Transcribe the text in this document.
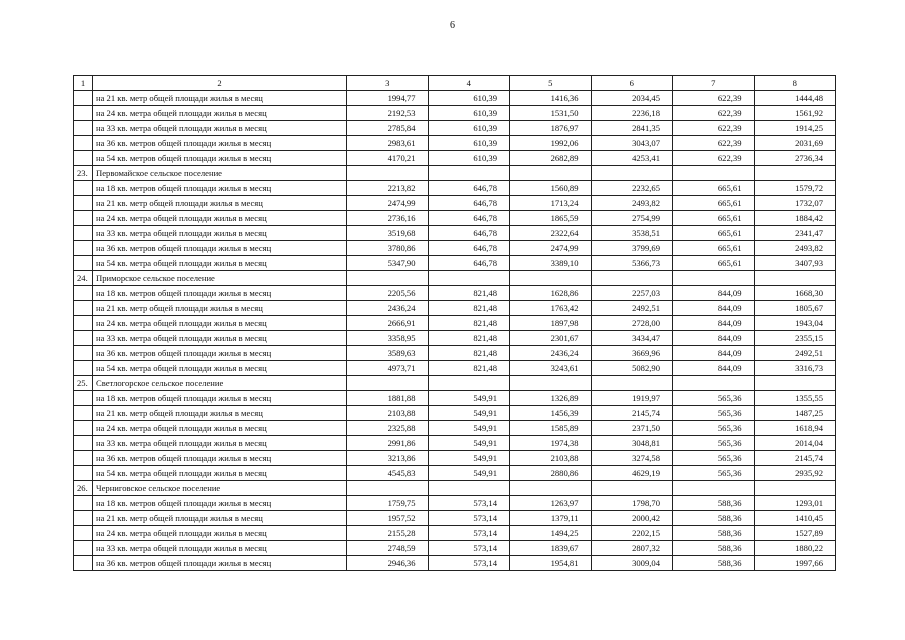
6
1	2	3	4	5	6	7	8
	на 21 кв. метр общей площади жилья в месяц	1994,77	610,39	1416,36	2034,45	622,39	1444,48
	на 24 кв. метра общей площади жилья в месяц	2192,53	610,39	1531,50	2236,18	622,39	1561,92
	на 33 кв. метра общей площади жилья в месяц	2785,84	610,39	1876,97	2841,35	622,39	1914,25
	на 36 кв. метров общей площади жилья в месяц	2983,61	610,39	1992,06	3043,07	622,39	2031,69
	на 54 кв. метров общей площади жилья в месяц	4170,21	610,39	2682,89	4253,41	622,39	2736,34
23.	Первомайское сельское поселение						
	на 18 кв. метров общей площади жилья в месяц	2213,82	646,78	1560,89	2232,65	665,61	1579,72
	на 21 кв. метр общей площади жилья в месяц	2474,99	646,78	1713,24	2493,82	665,61	1732,07
	на 24 кв. метра общей площади жилья в месяц	2736,16	646,78	1865,59	2754,99	665,61	1884,42
	на 33 кв. метра общей площади жилья в месяц	3519,68	646,78	2322,64	3538,51	665,61	2341,47
	на 36 кв. метров общей площади жилья в месяц	3780,86	646,78	2474,99	3799,69	665,61	2493,82
	на 54 кв. метра общей площади жилья в месяц	5347,90	646,78	3389,10	5366,73	665,61	3407,93
24.	Приморское сельское поселение						
	на 18 кв. метров общей площади жилья в месяц	2205,56	821,48	1628,86	2257,03	844,09	1668,30
	на 21 кв. метр общей площади жилья в месяц	2436,24	821,48	1763,42	2492,51	844,09	1805,67
	на 24 кв. метра общей площади жилья в месяц	2666,91	821,48	1897,98	2728,00	844,09	1943,04
	на 33 кв. метра общей площади жилья в месяц	3358,95	821,48	2301,67	3434,47	844,09	2355,15
	на 36 кв. метров общей площади жилья в месяц	3589,63	821,48	2436,24	3669,96	844,09	2492,51
	на 54 кв. метра общей площади жилья в месяц	4973,71	821,48	3243,61	5082,90	844,09	3316,73
25.	Светлогорское сельское поселение						
	на 18 кв. метров общей площади жилья в месяц	1881,88	549,91	1326,89	1919,97	565,36	1355,55
	на 21 кв. метр общей площади жилья в месяц	2103,88	549,91	1456,39	2145,74	565,36	1487,25
	на 24 кв. метра общей площади жилья в месяц	2325,88	549,91	1585,89	2371,50	565,36	1618,94
	на 33 кв. метра общей площади жилья в месяц	2991,86	549,91	1974,38	3048,81	565,36	2014,04
	на 36 кв. метров общей площади жилья в месяц	3213,86	549,91	2103,88	3274,58	565,36	2145,74
	на 54 кв. метра общей площади жилья в месяц	4545,83	549,91	2880,86	4629,19	565,36	2935,92
26.	Черниговское сельское поселение						
	на 18 кв. метров общей площади жилья в месяц	1759,75	573,14	1263,97	1798,70	588,36	1293,01
	на 21 кв. метр общей площади жилья в месяц	1957,52	573,14	1379,11	2000,42	588,36	1410,45
	на 24 кв. метра общей площади жилья в месяц	2155,28	573,14	1494,25	2202,15	588,36	1527,89
	на 33 кв. метра общей площади жилья в месяц	2748,59	573,14	1839,67	2807,32	588,36	1880,22
	на 36 кв. метров общей площади жилья в месяц	2946,36	573,14	1954,81	3009,04	588,36	1997,66
